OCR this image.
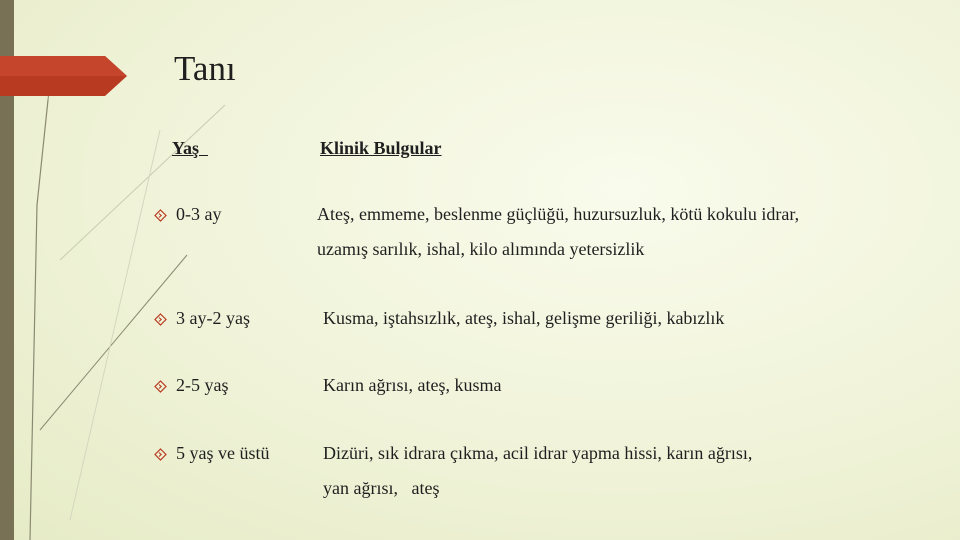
Tanı
Yaş	Klinik Bulgular
0-3 ay	Ateş, emmeme, beslenme güçlüğü, huzursuzluk, kötü kokulu idrar,
uzamış sarılık, ishal, kilo alımında yetersizlik
3 ay-2 yaş	Kusma, iştahsızlık, ateş, ishal, gelişme geriliği, kabızlık
2-5 yaş	Karın ağrısı, ateş, kusma
5 yaş ve üstü	Dizüri, sık idrara çıkma, acil idrar yapma hissi, karın ağrısı,
yan ağrısı,   ateş
